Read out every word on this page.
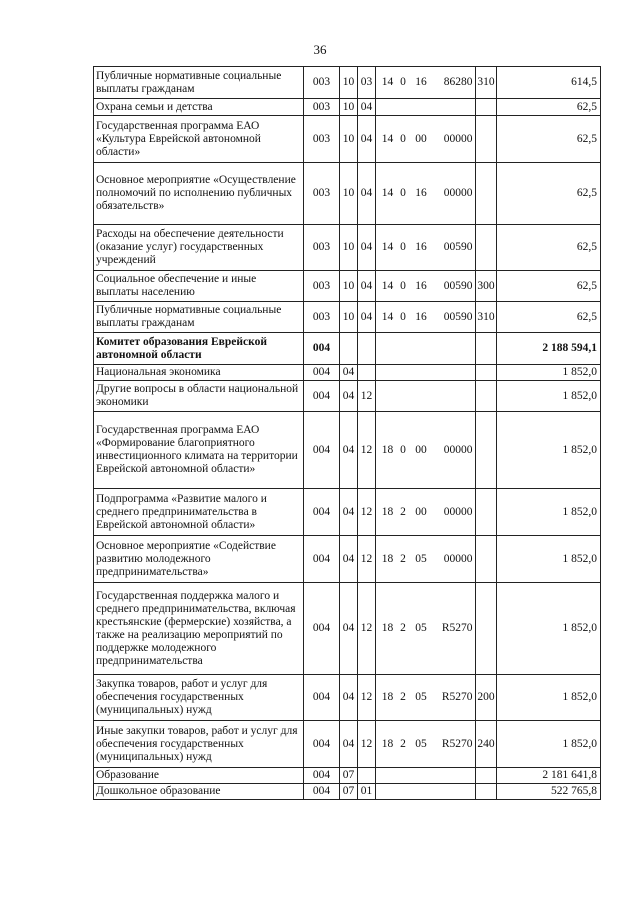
36
Публичные нормативные социальные выплаты гражданам	003	10	03	14 0 16 86280	310	614,5
Охрана семьи и детства	003	10	04			62,5
Государственная программа ЕАО «Культура Еврейской автономной области»	003	10	04	14 0 00 00000		62,5
Основное мероприятие «Осуществление полномочий по исполнению публичных обязательств»	003	10	04	14 0 16 00000		62,5
Расходы на обеспечение деятельности (оказание услуг) государственных учреждений	003	10	04	14 0 16 00590		62,5
Социальное обеспечение и иные выплаты населению	003	10	04	14 0 16 00590	300	62,5
Публичные нормативные социальные выплаты гражданам	003	10	04	14 0 16 00590	310	62,5
Комитет образования Еврейской автономной области	004					2 188 594,1
Национальная экономика	004	04				1 852,0
Другие вопросы в области национальной экономики	004	04	12			1 852,0
Государственная программа ЕАО «Формирование благоприятного инвестиционного климата на территории Еврейской автономной области»	004	04	12	18 0 00 00000		1 852,0
Подпрограмма «Развитие малого и среднего предпринимательства в Еврейской автономной области»	004	04	12	18 2 00 00000		1 852,0
Основное мероприятие «Содействие развитию молодежного предпринимательства»	004	04	12	18 2 05 00000		1 852,0
Государственная поддержка малого и среднего предпринимательства, включая крестьянские (фермерские) хозяйства, а также на реализацию мероприятий по поддержке молодежного предпринимательства	004	04	12	18 2 05 R5270		1 852,0
Закупка товаров, работ и услуг для обеспечения государственных (муниципальных) нужд	004	04	12	18 2 05 R5270	200	1 852,0
Иные закупки товаров, работ и услуг для обеспечения государственных (муниципальных) нужд	004	04	12	18 2 05 R5270	240	1 852,0
Образование	004	07				2 181 641,8
Дошкольное образование	004	07	01			522 765,8
